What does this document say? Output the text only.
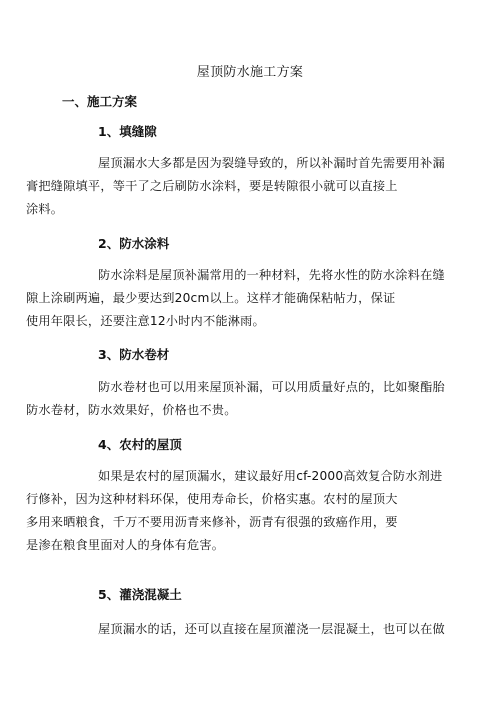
屋顶防水施工方案
一、施工方案
1、填缝隙
屋顶漏水大多都是因为裂缝导致的，所以补漏时首先需要用补漏
膏把缝隙填平，等干了之后刷防水涂料，要是转隙很小就可以直接上
涂料。
2、防水涂料
防水涂料是屋顶补漏常用的一种材料，先将水性的防水涂料在缝
隙上涂刷两遍，最少要达到20cm以上。这样才能确保粘帖力，保证
使用年限长，还要注意12小时内不能淋雨。
3、防水卷材
防水卷材也可以用来屋顶补漏，可以用质量好点的，比如聚酯胎
防水卷材，防水效果好，价格也不贵。
4、农村的屋顶
如果是农村的屋顶漏水，建议最好用cf-2000高效复合防水剂进
行修补，因为这种材料环保，使用寿命长，价格实惠。农村的屋顶大
多用来晒粮食，千万不要用沥青来修补，沥青有很强的致癌作用，要
是渗在粮食里面对人的身体有危害。
5、灌浇混凝土
屋顶漏水的话，还可以直接在屋顶灌浇一层混凝土，也可以在做
